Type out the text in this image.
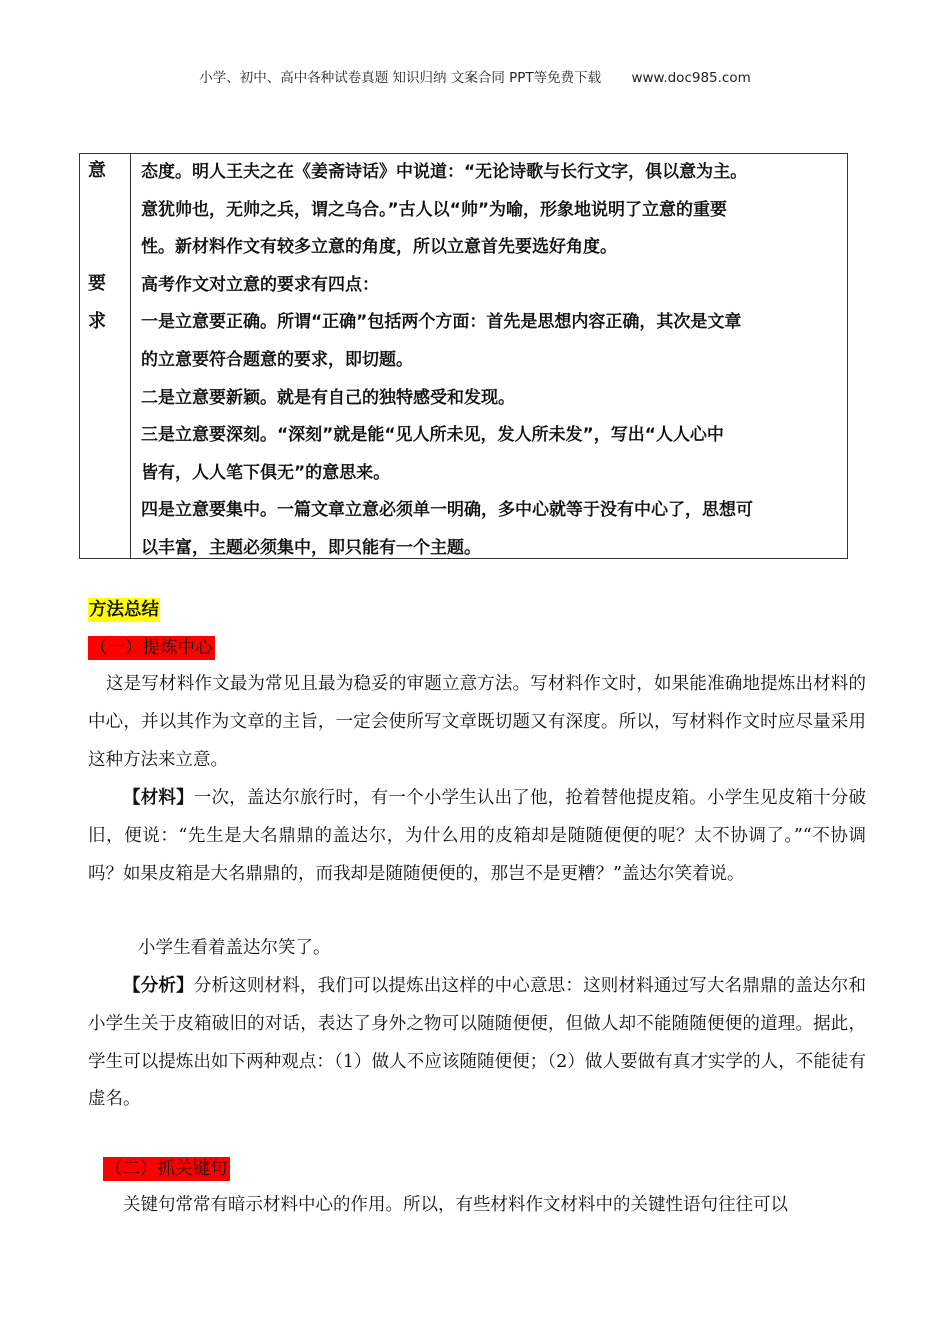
小学、初中、高中各种试卷真题 知识归纳 文案合同 PPT等免费下载 www.doc985.com
意
要
求

态度。明人王夫之在《姜斋诗话》中说道：“无论诗歌与长行文字，俱以意为主。

意犹帅也，无帅之兵，谓之乌合。”古人以“帅”为喻，形象地说明了立意的重要

性。新材料作文有较多立意的角度，所以立意首先要选好角度。

高考作文对立意的要求有四点：

一是立意要正确。所谓“正确”包括两个方面：首先是思想内容正确，其次是文章

的立意要符合题意的要求，即切题。

二是立意要新颖。就是有自己的独特感受和发现。

三是立意要深刻。“深刻”就是能“见人所未见，发人所未发”，写出“人人心中

皆有，人人笔下俱无”的意思来。

四是立意要集中。一篇文章立意必须单一明确，多中心就等于没有中心了，思想可

以丰富，主题必须集中，即只能有一个主题。

方法总结
（一）提炼中心

这是写材料作文最为常见且最为稳妥的审题立意方法。写材料作文时，如果能准确地提炼出材料的中心，并以其作为文章的主旨，一定会使所写文章既切题又有深度。所以，写材料作文时应尽量采用这种方法来立意。

【材料】一次，盖达尔旅行时，有一个小学生认出了他，抢着替他提皮箱。小学生见皮箱十分破旧，便说：“先生是大名鼎鼎的盖达尔，为什么用的皮箱却是随随便便的呢？太不协调了。”“不协调吗？如果皮箱是大名鼎鼎的，而我却是随随便便的，那岂不是更糟？”盖达尔笑着说。

小学生看着盖达尔笑了。

【分析】分析这则材料，我们可以提炼出这样的中心意思：这则材料通过写大名鼎鼎的盖达尔和小学生关于皮箱破旧的对话，表达了身外之物可以随随便便，但做人却不能随随便便的道理。据此，学生可以提炼出如下两种观点：（1）做人不应该随随便便；（2）做人要做有真才实学的人，不能徒有虚名。

（二）抓关键句

关键句常常有暗示材料中心的作用。所以，有些材料作文材料中的关键性语句往往可以
